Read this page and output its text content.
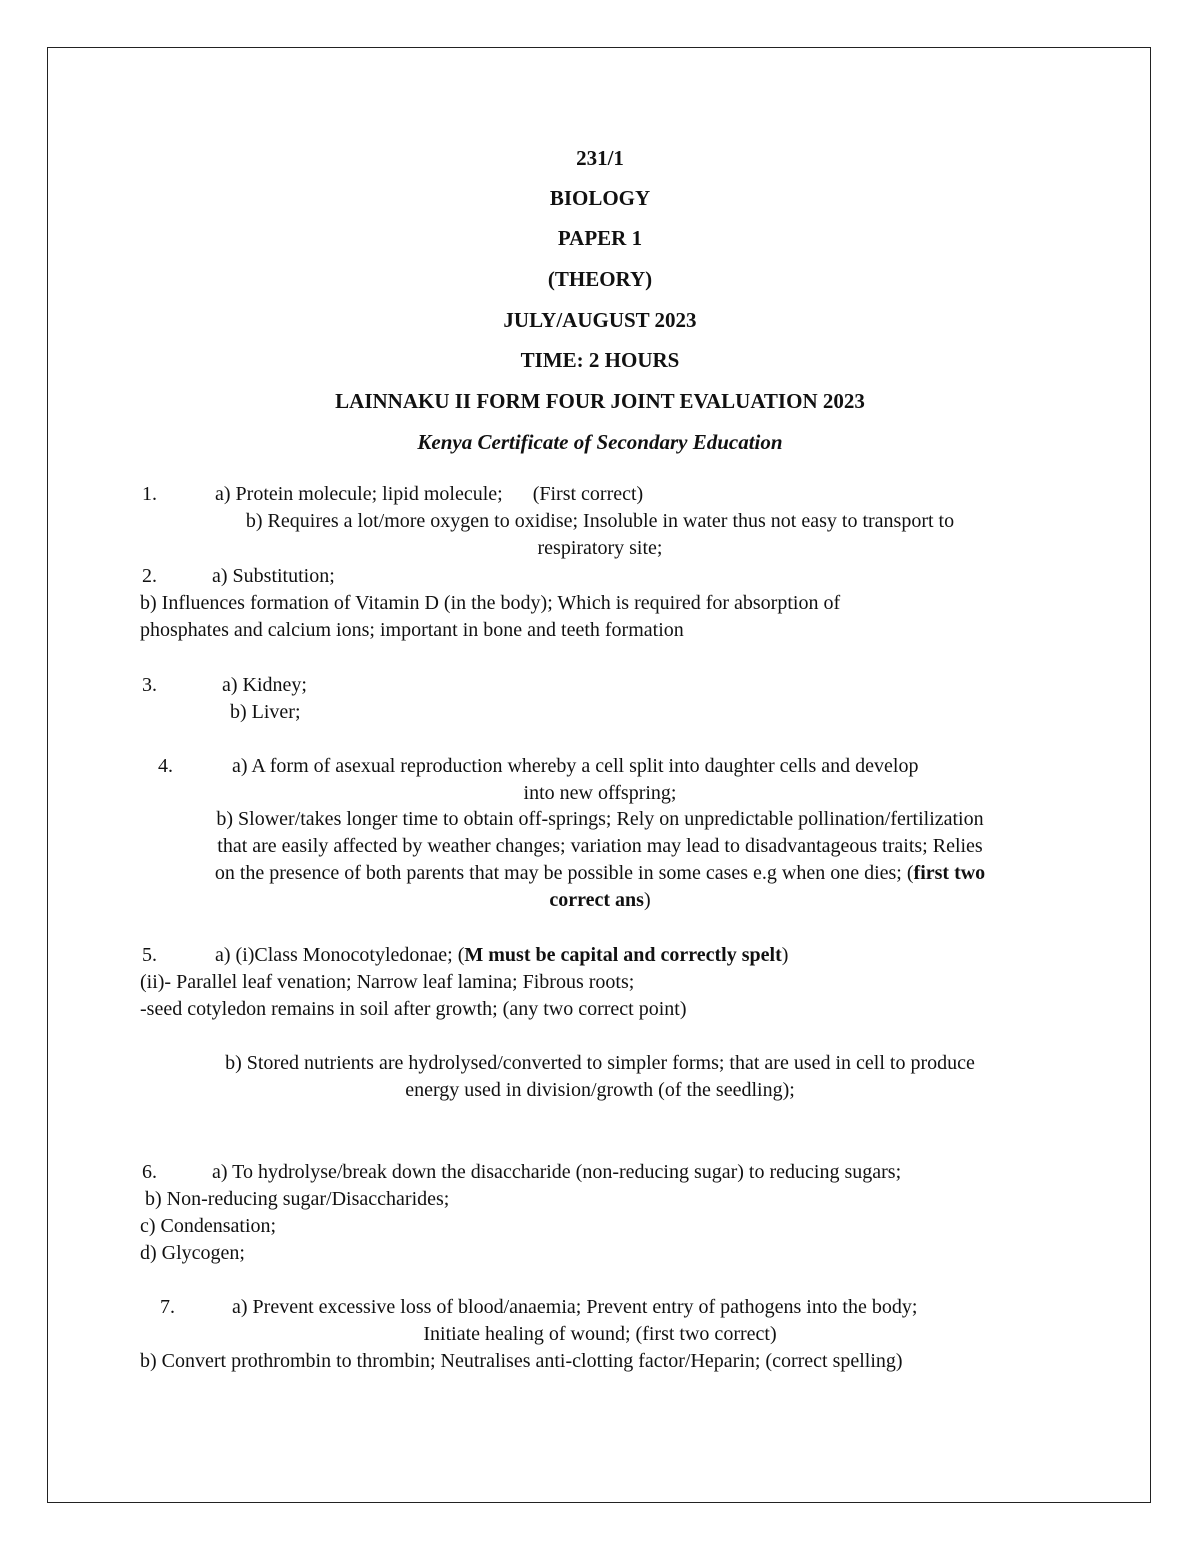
231/1
BIOLOGY
PAPER 1
(THEORY)
JULY/AUGUST 2023
TIME: 2 HOURS
LAINNAKU II FORM FOUR JOINT EVALUATION 2023
Kenya Certificate of Secondary Education
1.	a) Protein molecule; lipid molecule; (First correct)
b) Requires a lot/more oxygen to oxidise; Insoluble in water thus not easy to transport to
respiratory site;
2.	a) Substitution;
b) Influences formation of Vitamin D (in the body); Which is required for absorption of
phosphates and calcium ions; important in bone and teeth formation
3.	a) Kidney;
b) Liver;
4.	a) A form of asexual reproduction whereby a cell split into daughter cells and develop
into new offspring;
b) Slower/takes longer time to obtain off-springs; Rely on unpredictable pollination/fertilization
that are easily affected by weather changes; variation may lead to disadvantageous traits; Relies
on the presence of both parents that may be possible in some cases e.g when one dies; (first two
correct ans)
5.	a) (i)Class Monocotyledonae; (M must be capital and correctly spelt)
(ii)- Parallel leaf venation; Narrow leaf lamina; Fibrous roots;
-seed cotyledon remains in soil after growth; (any two correct point)
b) Stored nutrients are hydrolysed/converted to simpler forms; that are used in cell to produce
energy used in division/growth (of the seedling);
6.	a) To hydrolyse/break down the disaccharide (non-reducing sugar) to reducing sugars;
b) Non-reducing sugar/Disaccharides;
c) Condensation;
d) Glycogen;
7.	a) Prevent excessive loss of blood/anaemia; Prevent entry of pathogens into the body;
Initiate healing of wound; (first two correct)
b) Convert prothrombin to thrombin; Neutralises anti-clotting factor/Heparin; (correct spelling)
